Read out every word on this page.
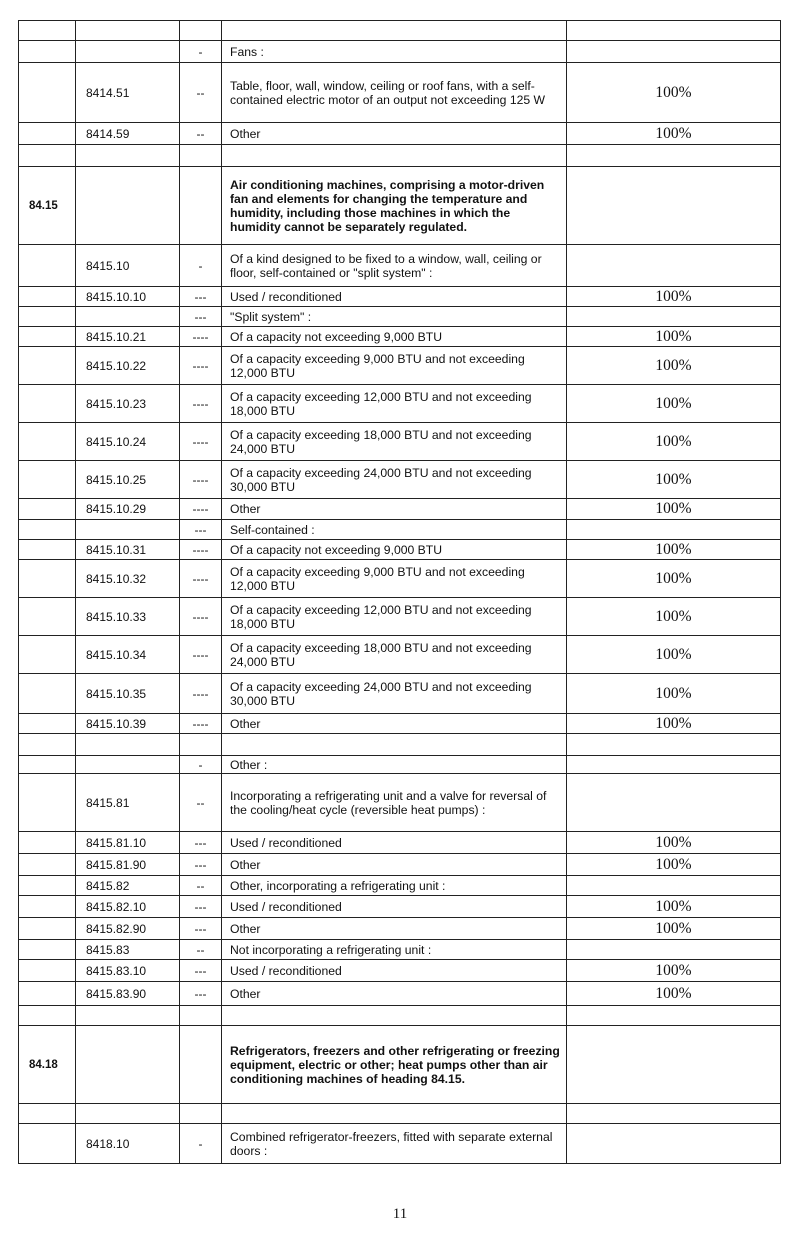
		-	Fans :	
	8414.51	--	Table, floor, wall, window, ceiling or roof fans, with a self-contained electric motor of an output not exceeding 125 W	100%
	8414.59	--	Other	100%

84.15			Air conditioning machines, comprising a motor-driven fan and elements for changing the temperature and humidity, including those machines in which the humidity cannot be separately regulated.	
	8415.10	-	Of a kind designed to be fixed to a window, wall, ceiling or floor, self-contained or "split system" :	
	8415.10.10	---	Used / reconditioned	100%
		---	"Split system" :	
	8415.10.21	----	Of a capacity not exceeding 9,000 BTU	100%
	8415.10.22	----	Of a capacity exceeding 9,000 BTU and not exceeding 12,000 BTU	100%
	8415.10.23	----	Of a capacity exceeding 12,000 BTU and not exceeding 18,000 BTU	100%
	8415.10.24	----	Of a capacity exceeding 18,000 BTU and not exceeding 24,000 BTU	100%
	8415.10.25	----	Of a capacity exceeding 24,000 BTU and not exceeding 30,000 BTU	100%
	8415.10.29	----	Other	100%
		---	Self-contained :	
	8415.10.31	----	Of a capacity not exceeding 9,000 BTU	100%
	8415.10.32	----	Of a capacity exceeding 9,000 BTU and not exceeding 12,000 BTU	100%
	8415.10.33	----	Of a capacity exceeding 12,000 BTU and not exceeding 18,000 BTU	100%
	8415.10.34	----	Of a capacity exceeding 18,000 BTU and not exceeding 24,000 BTU	100%
	8415.10.35	----	Of a capacity exceeding 24,000 BTU and not exceeding 30,000 BTU	100%
	8415.10.39	----	Other	100%

		-	Other :	
	8415.81	--	Incorporating a refrigerating unit and a valve for reversal of the cooling/heat cycle (reversible heat pumps) :	
	8415.81.10	---	Used / reconditioned	100%
	8415.81.90	---	Other	100%
	8415.82	--	Other, incorporating a refrigerating unit :	
	8415.82.10	---	Used / reconditioned	100%
	8415.82.90	---	Other	100%
	8415.83	--	Not incorporating a refrigerating unit :	
	8415.83.10	---	Used / reconditioned	100%
	8415.83.90	---	Other	100%

84.18			Refrigerators, freezers and other refrigerating or freezing equipment, electric or other; heat pumps other than air conditioning machines of heading 84.15.	

	8418.10	-	Combined refrigerator-freezers, fitted with separate external doors :	
11
